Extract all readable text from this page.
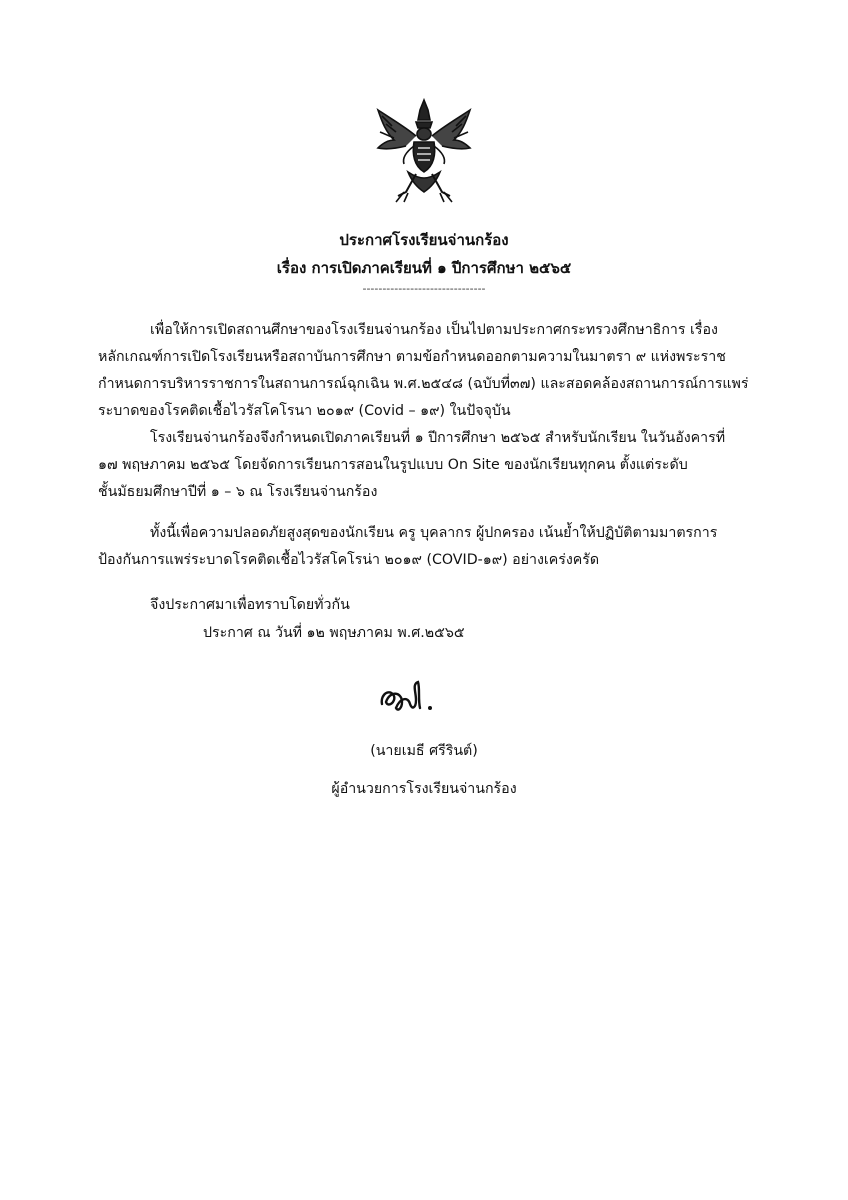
ประกาศโรงเรียนจ่านกร้อง
เรื่อง การเปิดภาคเรียนที่ ๑ ปีการศึกษา ๒๕๖๕
-------------------------------

เพื่อให้การเปิดสถานศึกษาของโรงเรียนจ่านกร้อง เป็นไปตามประกาศกระทรวงศึกษาธิการ เรื่อง

หลักเกณฑ์การเปิดโรงเรียนหรือสถาบันการศึกษา ตามข้อกำหนดออกตามความในมาตรา ๙ แห่งพระราช

กำหนดการบริหารราชการในสถานการณ์ฉุกเฉิน พ.ศ.๒๕๔๘ (ฉบับที่๓๗) และสอดคล้องสถานการณ์การแพร่

ระบาดของโรคติดเชื้อไวรัสโคโรนา ๒๐๑๙ (Covid – ๑๙) ในปัจจุบัน

โรงเรียนจ่านกร้องจึงกำหนดเปิดภาคเรียนที่ ๑ ปีการศึกษา ๒๕๖๕ สำหรับนักเรียน ในวันอังคารที่

๑๗ พฤษภาคม ๒๕๖๕ โดยจัดการเรียนการสอนในรูปแบบ On Site ของนักเรียนทุกคน ตั้งแต่ระดับ

ชั้นมัธยมศึกษาปีที่ ๑ – ๖ ณ โรงเรียนจ่านกร้อง

ทั้งนี้เพื่อความปลอดภัยสูงสุดของนักเรียน ครู บุคลากร ผู้ปกครอง เน้นย้ำให้ปฏิบัติตามมาตรการ

ป้องกันการแพร่ระบาดโรคติดเชื้อไวรัสโคโรน่า ๒๐๑๙ (COVID-๑๙) อย่างเคร่งครัด

จึงประกาศมาเพื่อทราบโดยทั่วกัน

ประกาศ ณ วันที่ ๑๒ พฤษภาคม พ.ศ.๒๕๖๕
(นายเมธี ศรีรินต์)
ผู้อำนวยการโรงเรียนจ่านกร้อง
